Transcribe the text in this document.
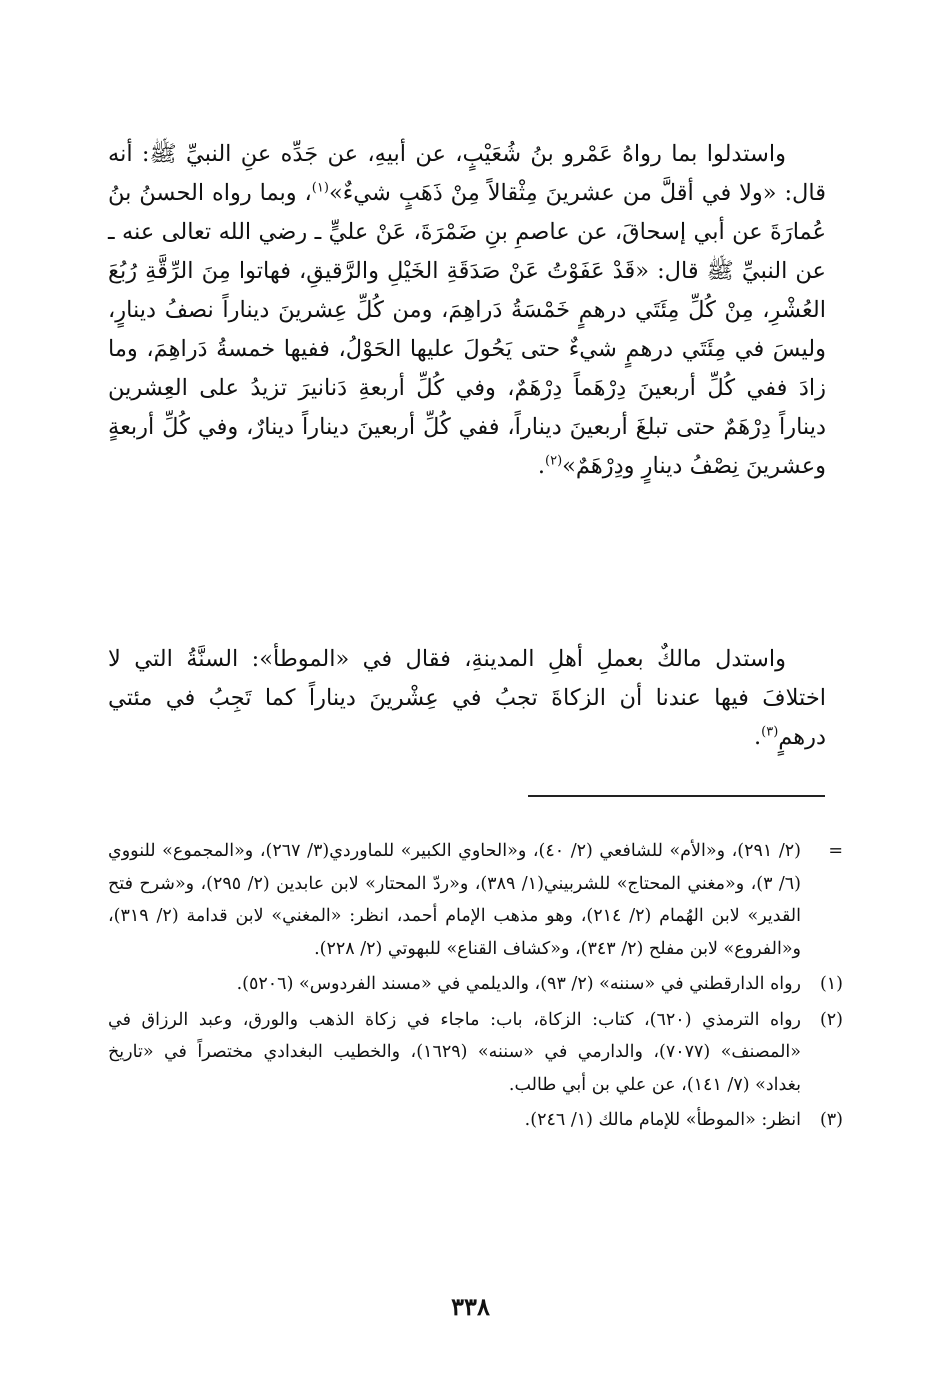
واستدلوا بما رواهُ عَمْرو بنُ شُعَيْبٍ، عن أبيهِ، عن جَدِّه عنِ النبيِّ ﷺ: أنه قال: «ولا في أقلَّ من عشرينَ مِثْقالاً مِنْ ذَهَبٍ شيءٌ»$^{(١)}$، وبما رواه الحسنُ بنُ عُمارَةَ عن أبي إسحاقَ، عن عاصمِ بنِ ضَمْرَةَ، عَنْ عليٍّ ـ رضي الله تعالى عنه ـ عن النبيِّ ﷺ قال: «قَدْ عَفَوْتُ عَنْ صَدَقَةِ الخَيْلِ والرَّقيقِ، فهاتوا مِنَ الرِّقَّةِ رُبُعَ العُشْرِ، مِنْ كُلِّ مِئَتَي درهمٍ خَمْسَةُ دَراهِمَ، ومن كُلِّ عِشرينَ ديناراً نصفُ دينارٍ، وليسَ في مِئَتَي درهمٍ شيءٌ حتى يَحُولَ عليها الحَوْلُ، ففيها خمسةُ دَراهِمَ، وما زادَ ففي كُلِّ أربعينَ دِرْهَماً دِرْهَمٌ، وفي كُلِّ أربعةِ دَنانيرَ تزيدُ على العِشرين ديناراً دِرْهَمٌ حتى تبلغَ أربعينَ ديناراً، ففي كُلِّ أربعينَ ديناراً دينارٌ، وفي كُلِّ أربعةٍ وعشرينَ نِصْفُ دينارٍ ودِرْهَمٌ»$^{(٢)}$.

واستدل مالكٌ بعملِ أهلِ المدينةِ، فقال في «الموطأ»: السنَّةُ التي لا اختلافَ فيها عندنا أن الزكاةَ تجبُ في عِشْرينَ ديناراً كما تَجِبُ في مئتي درهمٍ$^{(٣)}$.

=
(٢/ ٢٩١)، و«الأم» للشافعي (٢/ ٤٠)، و«الحاوي الكبير» للماوردي(٣/ ٢٦٧)، و«المجموع» للنووي (٦/ ٣)، و«مغني المحتاج» للشربيني(١/ ٣٨٩)، و«ردّ المحتار» لابن عابدين (٢/ ٢٩٥)، و«شرح فتح القدير» لابن الهُمام (٢/ ٢١٤)، وهو مذهب الإمام أحمد، انظر: «المغني» لابن قدامة (٢/ ٣١٩)، و«الفروع» لابن مفلح (٢/ ٣٤٣)، و«كشاف القناع» للبهوتي (٢/ ٢٢٨).
(١)
رواه الدارقطني في «سننه» (٢/ ٩٣)، والديلمي في «مسند الفردوس» (٥٢٠٦).
(٢)
رواه الترمذي (٦٢٠)، كتاب: الزكاة، باب: ماجاء في زكاة الذهب والورق، وعبد الرزاق في «المصنف» (٧٠٧٧)، والدارمي في «سننه» (١٦٢٩)، والخطيب البغدادي مختصراً في «تاريخ بغداد» (٧/ ١٤١)، عن علي بن أبي طالب.
(٣)
انظر: «الموطأ» للإمام مالك (١/ ٢٤٦).
٣٣٨
